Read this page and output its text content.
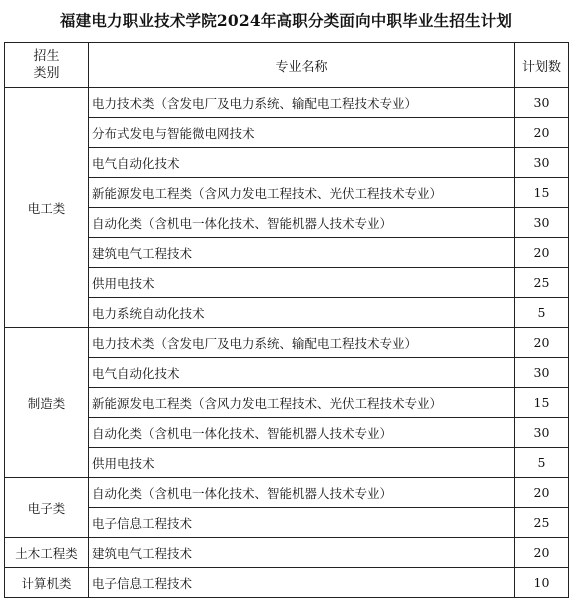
福建电力职业技术学院2024年高职分类面向中职毕业生招生计划
招生
类别	专业名称	计划数
电工类	电力技术类（含发电厂及电力系统、输配电工程技术专业）	30
	分布式发电与智能微电网技术	20
	电气自动化技术	30
	新能源发电工程类（含风力发电工程技术、光伏工程技术专业）	15
	自动化类（含机电一体化技术、智能机器人技术专业）	30
	建筑电气工程技术	20
	供用电技术	25
	电力系统自动化技术	5
制造类	电力技术类（含发电厂及电力系统、输配电工程技术专业）	20
	电气自动化技术	30
	新能源发电工程类（含风力发电工程技术、光伏工程技术专业）	15
	自动化类（含机电一体化技术、智能机器人技术专业）	30
	供用电技术	5
电子类	自动化类（含机电一体化技术、智能机器人技术专业）	20
	电子信息工程技术	25
土木工程类	建筑电气工程技术	20
计算机类	电子信息工程技术	10
